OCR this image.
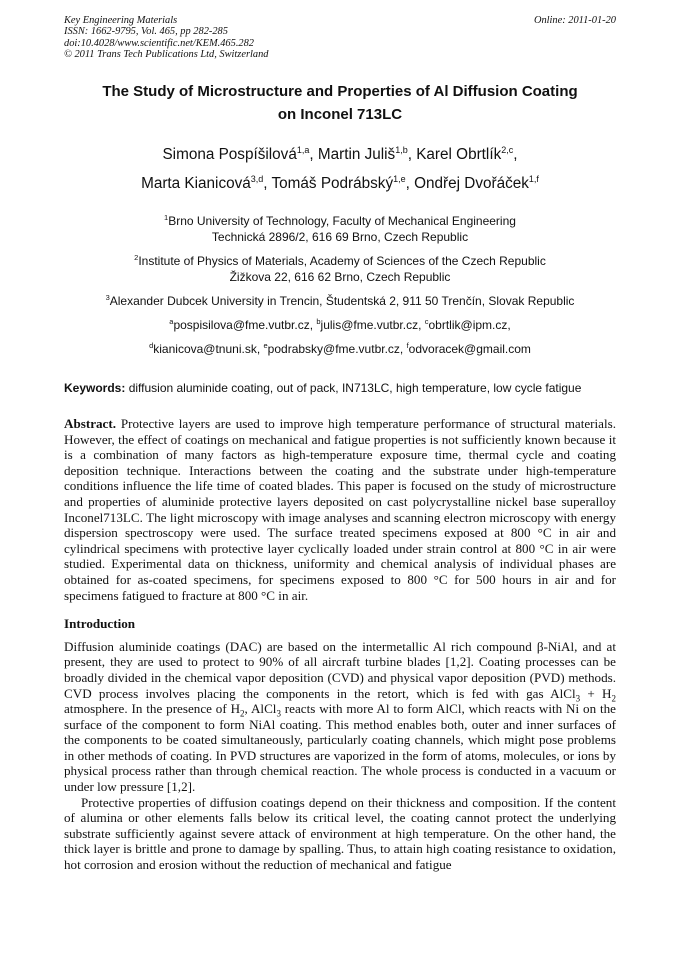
Key Engineering Materials
ISSN: 1662-9795, Vol. 465, pp 282-285
doi:10.4028/www.scientific.net/KEM.465.282
© 2011 Trans Tech Publications Ltd, Switzerland
Online: 2011-01-20
The Study of Microstructure and Properties of Al Diffusion Coating
on Inconel 713LC
Simona Pospíšilová$^{1,a}$, Martin Juliš$^{1,b}$, Karel Obrtlík$^{2,c}$,
Marta Kianicová$^{3,d}$, Tomáš Podrábský$^{1,e}$, Ondřej Dvořáček$^{1,f}$
$^1$Brno University of Technology, Faculty of Mechanical Engineering
Technická 2896/2, 616 69 Brno, Czech Republic
$^2$Institute of Physics of Materials, Academy of Sciences of the Czech Republic
Žižkova 22, 616 62 Brno, Czech Republic
$^3$Alexander Dubcek University in Trencin, Študentská 2, 911 50 Trenčín, Slovak Republic
$^a$pospisilova@fme.vutbr.cz, $^b$julis@fme.vutbr.cz, $^c$obrtlik@ipm.cz,
$^d$kianicova@tnuni.sk, $^e$podrabsky@fme.vutbr.cz, $^f$odvoracek@gmail.com
Keywords: diffusion aluminide coating, out of pack, IN713LC, high temperature, low cycle fatigue

Abstract. Protective layers are used to improve high temperature performance of structural materials. However, the effect of coatings on mechanical and fatigue properties is not sufficiently known because it is a combination of many factors as high-temperature exposure time, thermal cycle and coating deposition technique. Interactions between the coating and the substrate under high-temperature conditions influence the life time of coated blades. This paper is focused on the study of microstructure and properties of aluminide protective layers deposited on cast polycrystalline nickel base superalloy Inconel713LC. The light microscopy with image analyses and scanning electron microscopy with energy dispersion spectroscopy were used. The surface treated specimens exposed at 800 °C in air and cylindrical specimens with protective layer cyclically loaded under strain control at 800 °C in air were studied. Experimental data on thickness, uniformity and chemical analysis of individual phases are obtained for as-coated specimens, for specimens exposed to 800 °C for 500 hours in air and for specimens fatigued to fracture at 800 °C in air.

Introduction

Diffusion aluminide coatings (DAC) are based on the intermetallic Al rich compound β-NiAl, and at present, they are used to protect to 90% of all aircraft turbine blades [1,2]. Coating processes can be broadly divided in the chemical vapor deposition (CVD) and physical vapor deposition (PVD) methods. CVD process involves placing the components in the retort, which is fed with gas AlCl$_3$ + $H_2$ atmosphere. In the presence of $H_2$, AlCl$_3$ reacts with more Al to form AlCl, which reacts with Ni on the surface of the component to form NiAl coating. This method enables both, outer and inner surfaces of the components to be coated simultaneously, particularly coating channels, which might pose problems in other methods of coating. In PVD structures are vaporized in the form of atoms, molecules, or ions by physical process rather than through chemical reaction. The whole process is conducted in a vacuum or under low pressure [1,2].

Protective properties of diffusion coatings depend on their thickness and composition. If the content of alumina or other elements falls below its critical level, the coating cannot protect the underlying substrate sufficiently against severe attack of environment at high temperature. On the other hand, the thick layer is brittle and prone to damage by spalling. Thus, to attain high coating resistance to oxidation, hot corrosion and erosion without the reduction of mechanical and fatigue
